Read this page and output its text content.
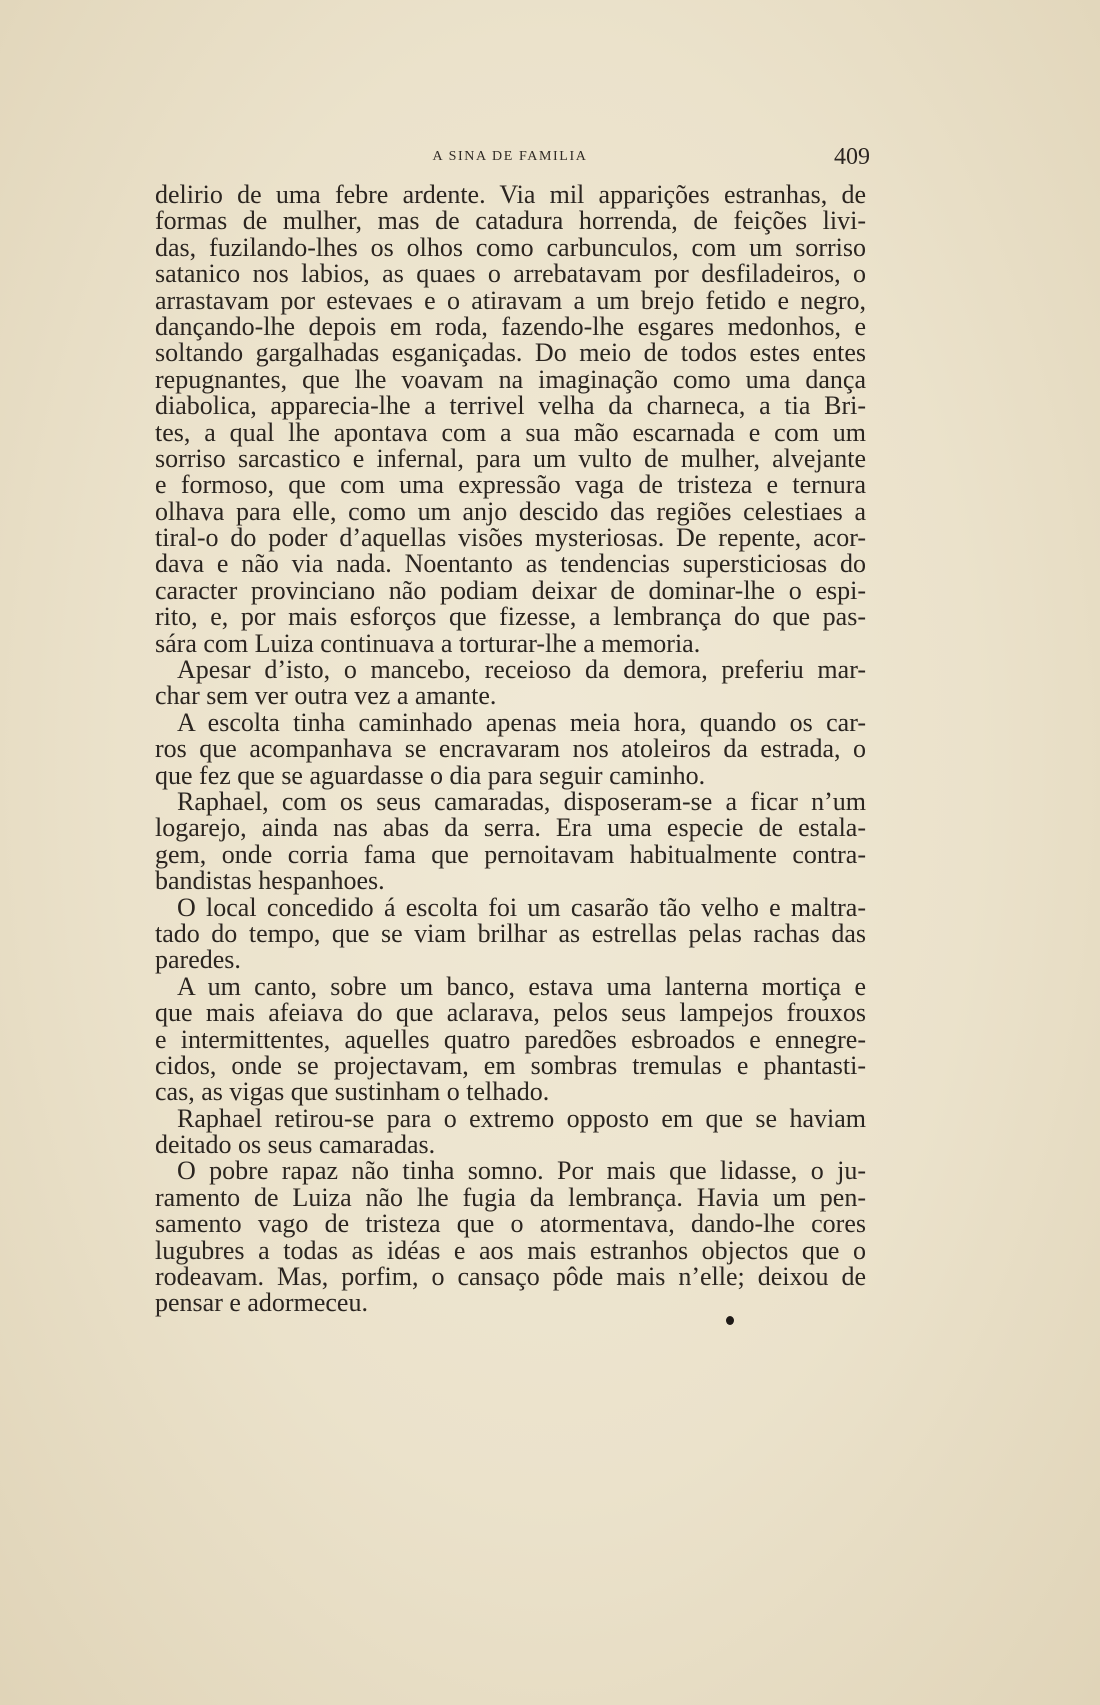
A SINA DE FAMILIA	409
delirio de uma febre ardente. Via mil apparições estranhas, de
formas de mulher, mas de catadura horrenda, de feições livi-
das, fuzilando-lhes os olhos como carbunculos, com um sorriso
satanico nos labios, as quaes o arrebatavam por desfiladeiros, o
arrastavam por estevaes e o atiravam a um brejo fetido e negro,
dançando-lhe depois em roda, fazendo-lhe esgares medonhos, e
soltando gargalhadas esganiçadas. Do meio de todos estes entes
repugnantes, que lhe voavam na imaginação como uma dança
diabolica, apparecia-lhe a terrivel velha da charneca, a tia Bri-
tes, a qual lhe apontava com a sua mão escarnada e com um
sorriso sarcastico e infernal, para um vulto de mulher, alvejante
e formoso, que com uma expressão vaga de tristeza e ternura
olhava para elle, como um anjo descido das regiões celestiaes a
tiral-o do poder d’aquellas visões mysteriosas. De repente, acor-
dava e não via nada. Noentanto as tendencias supersticiosas do
caracter provinciano não podiam deixar de dominar-lhe o espi-
rito, e, por mais esforços que fizesse, a lembrança do que pas-
sára com Luiza continuava a torturar-lhe a memoria.
Apesar d’isto, o mancebo, receioso da demora, preferiu mar-
char sem ver outra vez a amante.
A escolta tinha caminhado apenas meia hora, quando os car-
ros que acompanhava se encravaram nos atoleiros da estrada, o
que fez que se aguardasse o dia para seguir caminho.
Raphael, com os seus camaradas, disposeram-se a ficar n’um
logarejo, ainda nas abas da serra. Era uma especie de estala-
gem, onde corria fama que pernoitavam habitualmente contra-
bandistas hespanhoes.
O local concedido á escolta foi um casarão tão velho e maltra-
tado do tempo, que se viam brilhar as estrellas pelas rachas das
paredes.
A um canto, sobre um banco, estava uma lanterna mortiça e
que mais afeiava do que aclarava, pelos seus lampejos frouxos
e intermittentes, aquelles quatro paredões esbroados e ennegre-
cidos, onde se projectavam, em sombras tremulas e phantasti-
cas, as vigas que sustinham o telhado.
Raphael retirou-se para o extremo opposto em que se haviam
deitado os seus camaradas.
O pobre rapaz não tinha somno. Por mais que lidasse, o ju-
ramento de Luiza não lhe fugia da lembrança. Havia um pen-
samento vago de tristeza que o atormentava, dando-lhe cores
lugubres a todas as idéas e aos mais estranhos objectos que o
rodeavam. Mas, porfim, o cansaço pôde mais n’elle; deixou de
pensar e adormeceu.
